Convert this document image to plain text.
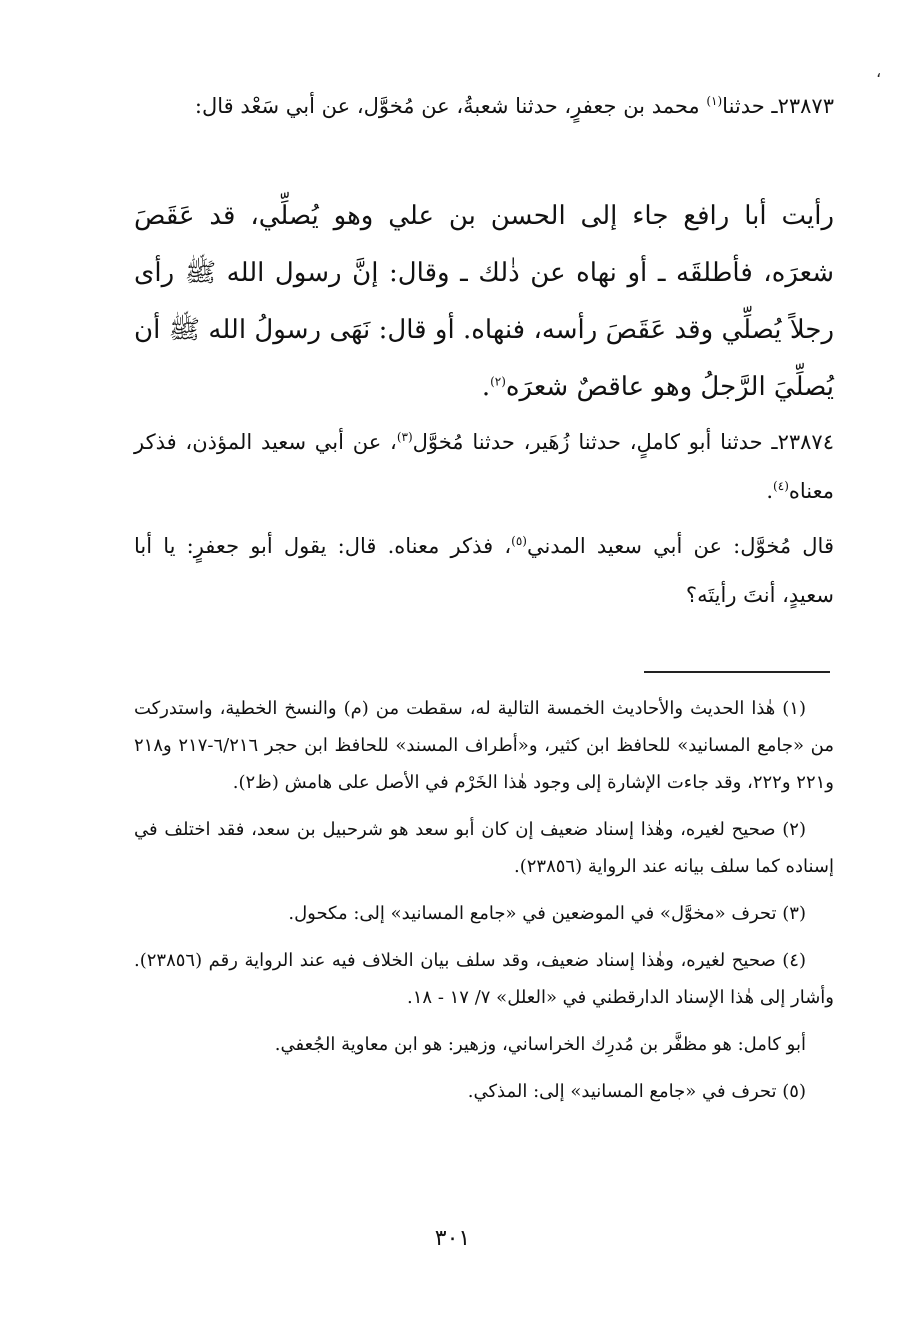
،

٢٣٨٧٣ـ حدثنا$^{(١)}$ محمد بن جعفرٍ، حدثنا شعبةُ، عن مُخوَّل، عن أبي سَعْد قال:

رأيت أبا رافع جاء إلى الحسن بن علي وهو يُصلِّي، قد عَقَصَ شعرَه، فأطلقَه ـ أو نهاه عن ذٰلك ـ وقال: إنَّ رسول الله ﷺ رأى رجلاً يُصلِّي وقد عَقَصَ رأسه، فنهاه. أو قال: نَهَى رسولُ الله ﷺ أن يُصلِّيَ الرَّجلُ وهو عاقصٌ شعرَه$^{(٢)}$.

٢٣٨٧٤ـ حدثنا أبو كاملٍ، حدثنا زُهَير، حدثنا مُخوَّل$^{(٣)}$، عن أبي سعيد المؤذن، فذكر معناه$^{(٤)}$.

قال مُخوَّل: عن أبي سعيد المدني$^{(٥)}$، فذكر معناه. قال: يقول أبو جعفرٍ: يا أبا سعيدٍ، أنتَ رأيتَه؟

(١) هٰذا الحديث والأحاديث الخمسة التالية له، سقطت من (م) والنسخ الخطية، واستدركت من «جامع المسانيد» للحافظ ابن كثير، و«أطراف المسند» للحافظ ابن حجر ٦/٢١٦-٢١٧ و٢١٨ و٢٢١ و٢٢٢، وقد جاءت الإشارة إلى وجود هٰذا الخَرْم في الأصل على هامش (ظ٢).

(٢) صحيح لغيره، وهٰذا إسناد ضعيف إن كان أبو سعد هو شرحبيل بن سعد، فقد اختلف في إسناده كما سلف بيانه عند الرواية (٢٣٨٥٦).

(٣) تحرف «مخوَّل» في الموضعين في «جامع المسانيد» إلى: مكحول.

(٤) صحيح لغيره، وهٰذا إسناد ضعيف، وقد سلف بيان الخلاف فيه عند الرواية رقم (٢٣٨٥٦). وأشار إلى هٰذا الإسناد الدارقطني في «العلل» ٧/ ١٧ - ١٨.

أبو كامل: هو مظفَّر بن مُدرِك الخراساني، وزهير: هو ابن معاوية الجُعفي.

(٥) تحرف في «جامع المسانيد» إلى: المذكي.

٣٠١
